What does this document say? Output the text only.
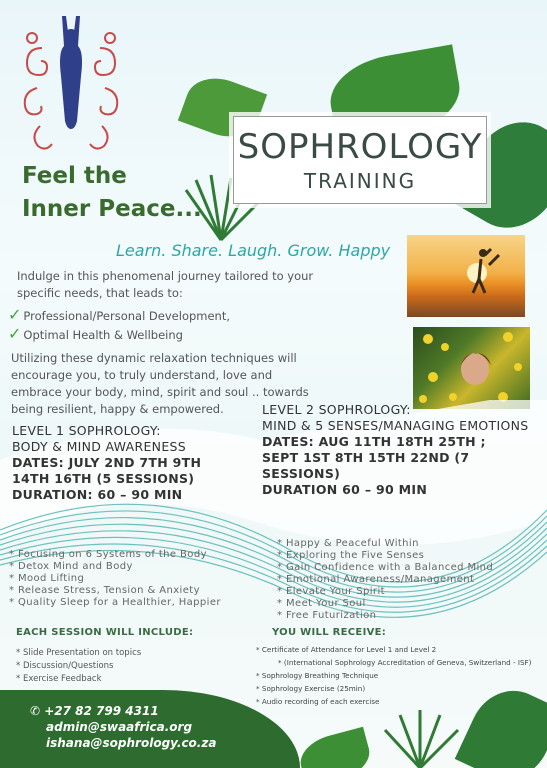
SOPHROLOGY
TRAINING
Feel the
Inner Peace...
Learn. Share. Laugh. Grow. Happy
Indulge in this phenomenal journey tailored to your specific needs, that leads to:
✓ Professional/Personal Development,
✓ Optimal Health & Wellbeing
Utilizing these dynamic relaxation techniques will encourage you, to truly understand, love and embrace your body, mind, spirit and soul .. towards being resilient, happy & empowered.	LEVEL 2 SOPHROLOGY:
MIND & 5 SENSES/MANAGING EMOTIONS
DATES: AUG 11TH 18TH 25TH ;
SEPT 1ST 8TH 15TH 22ND (7 SESSIONS)
DURATION 60 – 90 MIN
LEVEL 1 SOPHROLOGY:
BODY & MIND AWARENESS
DATES: JULY 2ND 7TH 9TH
14TH 16TH (5 SESSIONS)
DURATION: 60 – 90 MIN
* Focusing on 6 Systems of the Body
* Detox Mind and Body
* Mood Lifting
* Release Stress, Tension & Anxiety
* Quality Sleep for a Healthier, Happier
* Happy & Peaceful Within
* Exploring the Five Senses
* Gain Confidence with a Balanced Mind
* Emotional Awareness/Management
* Elevate Your Spirit
* Meet Your Soul
* Free Futurization
EACH SESSION WILL INCLUDE:
* Slide Presentation on topics
* Discussion/Questions
* Exercise Feedback
YOU WILL RECEIVE:
* Certificate of Attendance for Level 1 and Level 2
* (International Sophrology Accreditation of Geneva, Switzerland - ISF)
* Sophrology Breathing Technique
* Sophrology Exercise (25min)
* Audio recording of each exercise
✆ +27 82 799 4311
admin@swaafrica.org
ishana@sophrology.co.za
